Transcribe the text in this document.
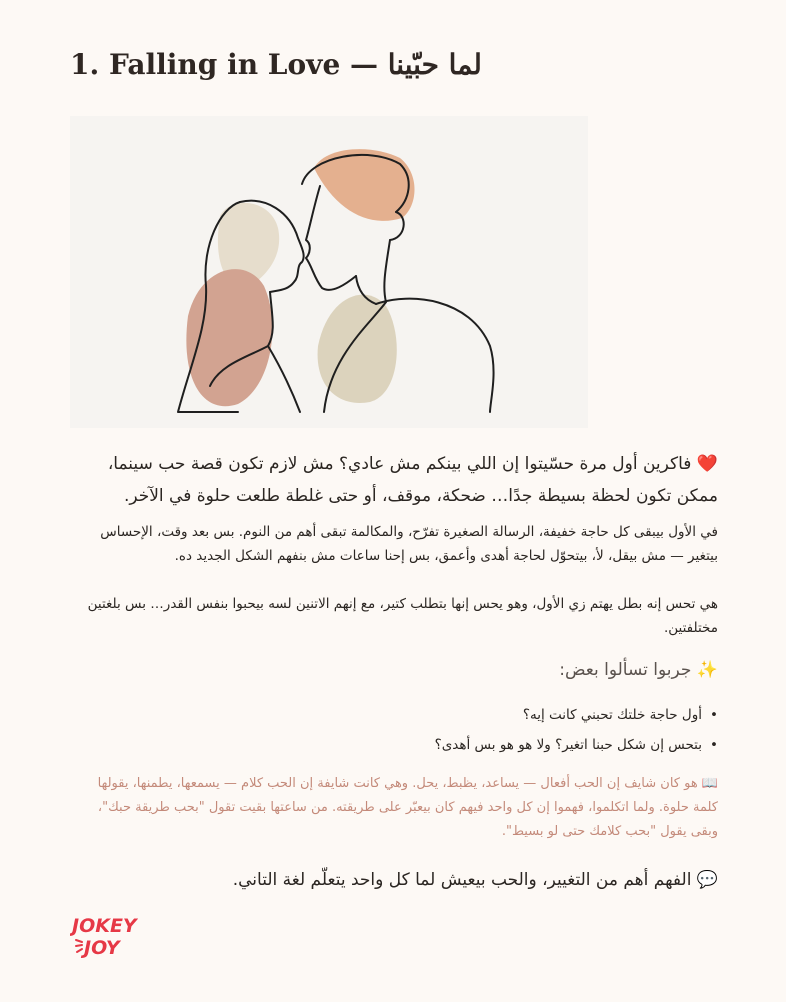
1. Falling in Love — لما حبّينا

❤️ فاكرين أول مرة حسّيتوا إن اللي بينكم مش عادي؟ مش لازم تكون قصة حب سينما، ممكن تكون لحظة بسيطة جدًا… ضحكة، موقف، أو حتى غلطة طلعت حلوة في الآخر.

في الأول بيبقى كل حاجة خفيفة، الرسالة الصغيرة تفرّح، والمكالمة تبقى أهم من النوم. بس بعد وقت، الإحساس بيتغير — مش بيقل، لأ، بيتحوّل لحاجة أهدى وأعمق، بس إحنا ساعات مش بنفهم الشكل الجديد ده.

هي تحس إنه بطل يهتم زي الأول، وهو يحس إنها بتطلب كتير، مع إنهم الاتنين لسه بيحبوا بنفس القدر… بس بلغتين مختلفتين.

✨ جربوا تسألوا بعض:

• أول حاجة خلتك تحبني كانت إيه؟
• بتحس إن شكل حبنا اتغير؟ ولا هو هو بس أهدى؟

📖 هو كان شايف إن الحب أفعال — يساعد، يظبط، يحل. وهي كانت شايفة إن الحب كلام — يسمعها، يطمنها، يقولها كلمة حلوة. ولما اتكلموا، فهموا إن كل واحد فيهم كان بيعبّر على طريقته. من ساعتها بقيت تقول "بحب طريقة حبك"، وبقى يقول "بحب كلامك حتى لو بسيط".

💬 الفهم أهم من التغيير، والحب بيعيش لما كل واحد يتعلّم لغة التاني.

JOKEY
JOY
